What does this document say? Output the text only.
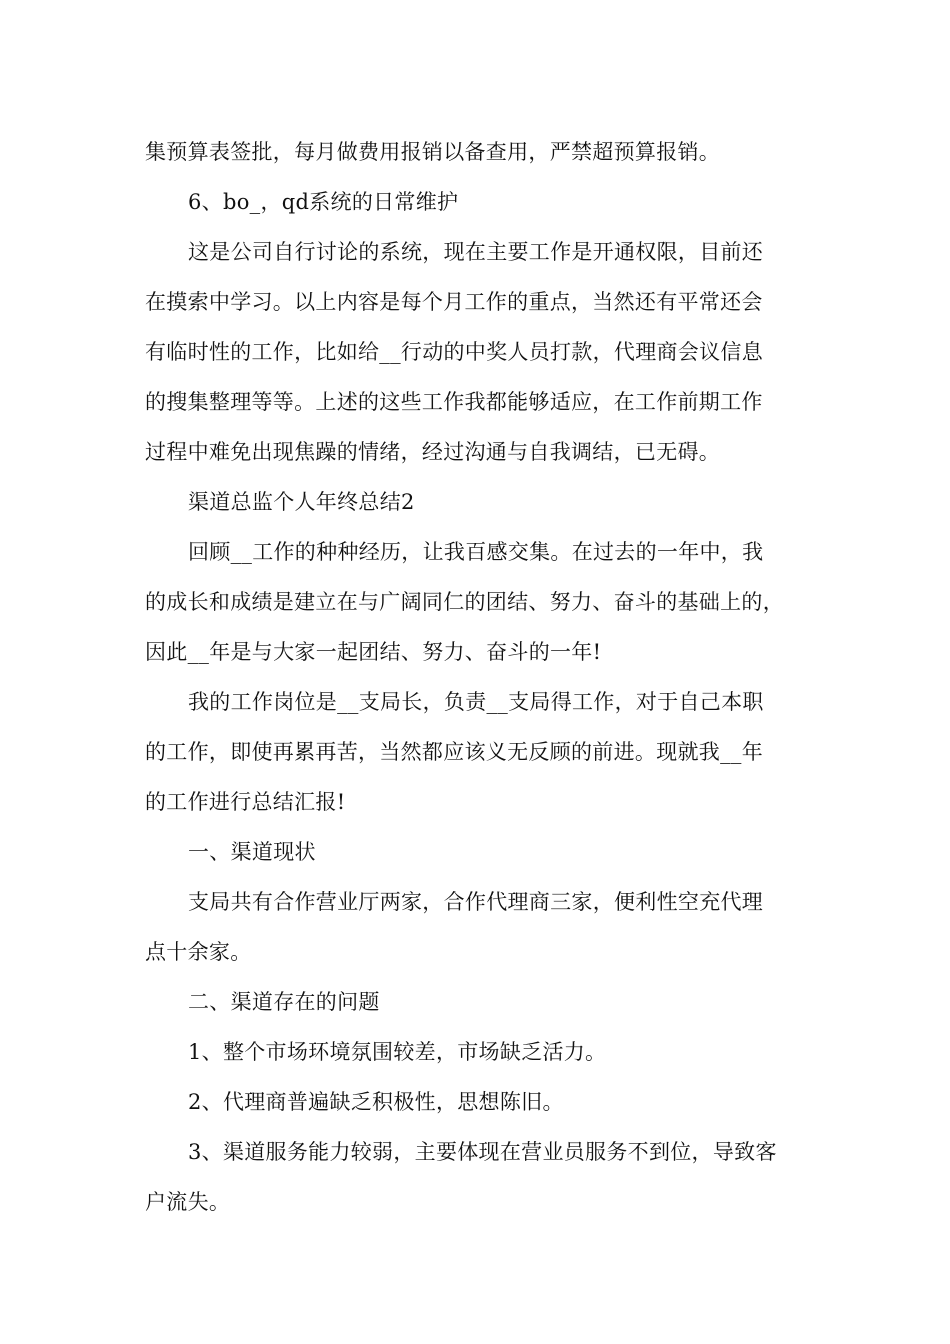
集预算表签批，每月做费用报销以备查用，严禁超预算报销。
6、bo_，qd系统的日常维护
这是公司自行讨论的系统，现在主要工作是开通权限，目前还
在摸索中学习。以上内容是每个月工作的重点，当然还有平常还会
有临时性的工作，比如给__行动的中奖人员打款，代理商会议信息
的搜集整理等等。上述的这些工作我都能够适应，在工作前期工作
过程中难免出现焦躁的情绪，经过沟通与自我调结，已无碍。
渠道总监个人年终总结2
回顾__工作的种种经历，让我百感交集。在过去的一年中，我
的成长和成绩是建立在与广阔同仁的团结、努力、奋斗的基础上的，
因此__年是与大家一起团结、努力、奋斗的一年!
我的工作岗位是__支局长，负责__支局得工作，对于自己本职
的工作，即使再累再苦，当然都应该义无反顾的前进。现就我__年
的工作进行总结汇报!
一、渠道现状
支局共有合作营业厅两家，合作代理商三家，便利性空充代理
点十余家。
二、渠道存在的问题
1、整个市场环境氛围较差，市场缺乏活力。
2、代理商普遍缺乏积极性，思想陈旧。
3、渠道服务能力较弱，主要体现在营业员服务不到位，导致客
户流失。
